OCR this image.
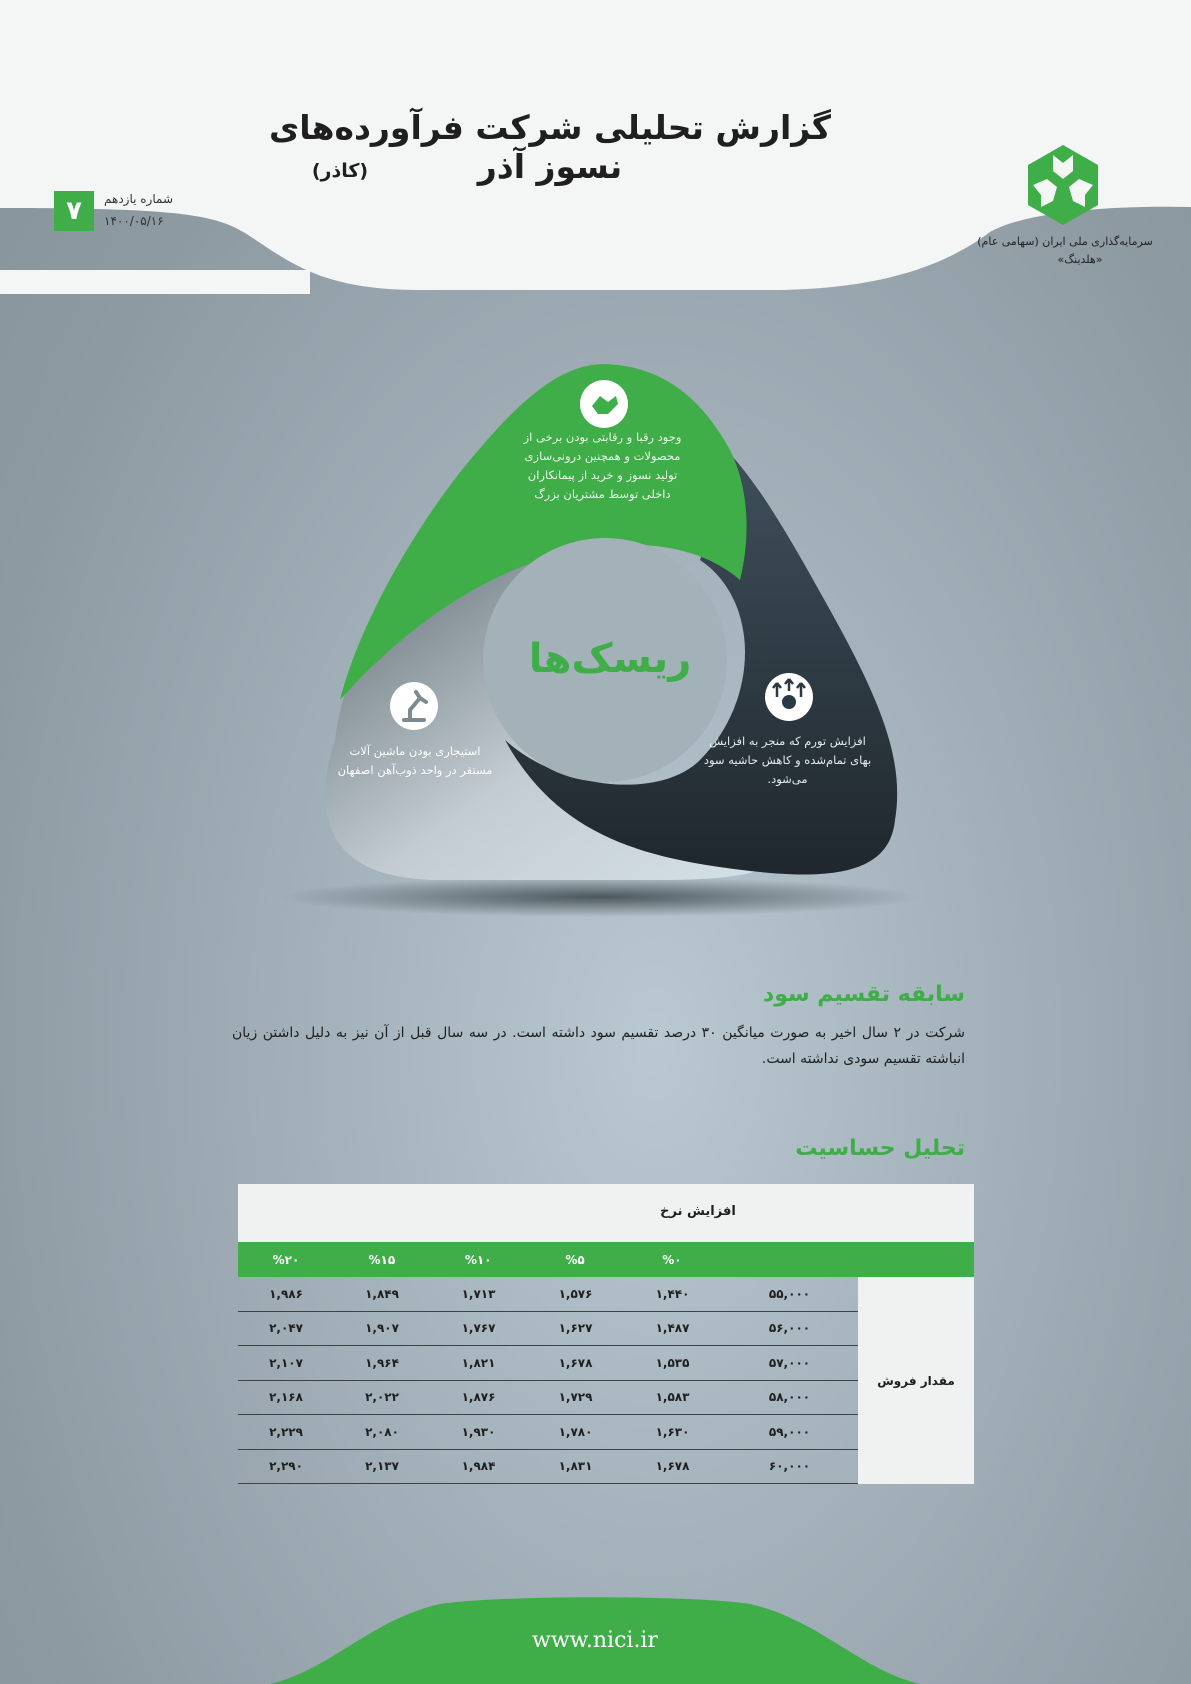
گزارش تحلیلی شرکت فرآورده‌های نسوز آذر
(کاذر)
۷	شماره یازدهم
۱۴۰۰/۰۵/۱۶
سرمایه‌گذاری ملی ایران (سهامی عام)
«هلدینگ»
وجود رقبا و رقابتی بودن برخی از محصولات و همچنین درونی‌سازی تولید نسوز و خرید از پیمانکاران داخلی توسط مشتریان بزرگ
افزایش تورم که منجر به افزایش بهای تمام‌شده و کاهش حاشیه سود می‌شود.
استیجاری بودن ماشین آلات مستقر در واحد ذوب‌آهن اصفهان
ریسک‌ها
سابقه تقسیم سود

شرکت در ۲ سال اخیر به صورت میانگین ۳۰ درصد تقسیم سود داشته است. در سه سال قبل از آن نیز به دلیل داشتن زیان انباشته تقسیم سودی نداشته است.

تحلیل حساسیت
افزایش نرخ
%۲۰	%۱۵	%۱۰	%۵	%۰
۱,۹۸۶	۱,۸۴۹	۱,۷۱۳	۱,۵۷۶	۱,۴۴۰	۵۵,۰۰۰
۲,۰۴۷	۱,۹۰۷	۱,۷۶۷	۱,۶۲۷	۱,۴۸۷	۵۶,۰۰۰
۲,۱۰۷	۱,۹۶۴	۱,۸۲۱	۱,۶۷۸	۱,۵۳۵	۵۷,۰۰۰
۲,۱۶۸	۲,۰۲۲	۱,۸۷۶	۱,۷۲۹	۱,۵۸۳	۵۸,۰۰۰
۲,۲۲۹	۲,۰۸۰	۱,۹۳۰	۱,۷۸۰	۱,۶۳۰	۵۹,۰۰۰
۲,۲۹۰	۲,۱۳۷	۱,۹۸۴	۱,۸۳۱	۱,۶۷۸	۶۰,۰۰۰
مقدار فروش
www.nici.ir
